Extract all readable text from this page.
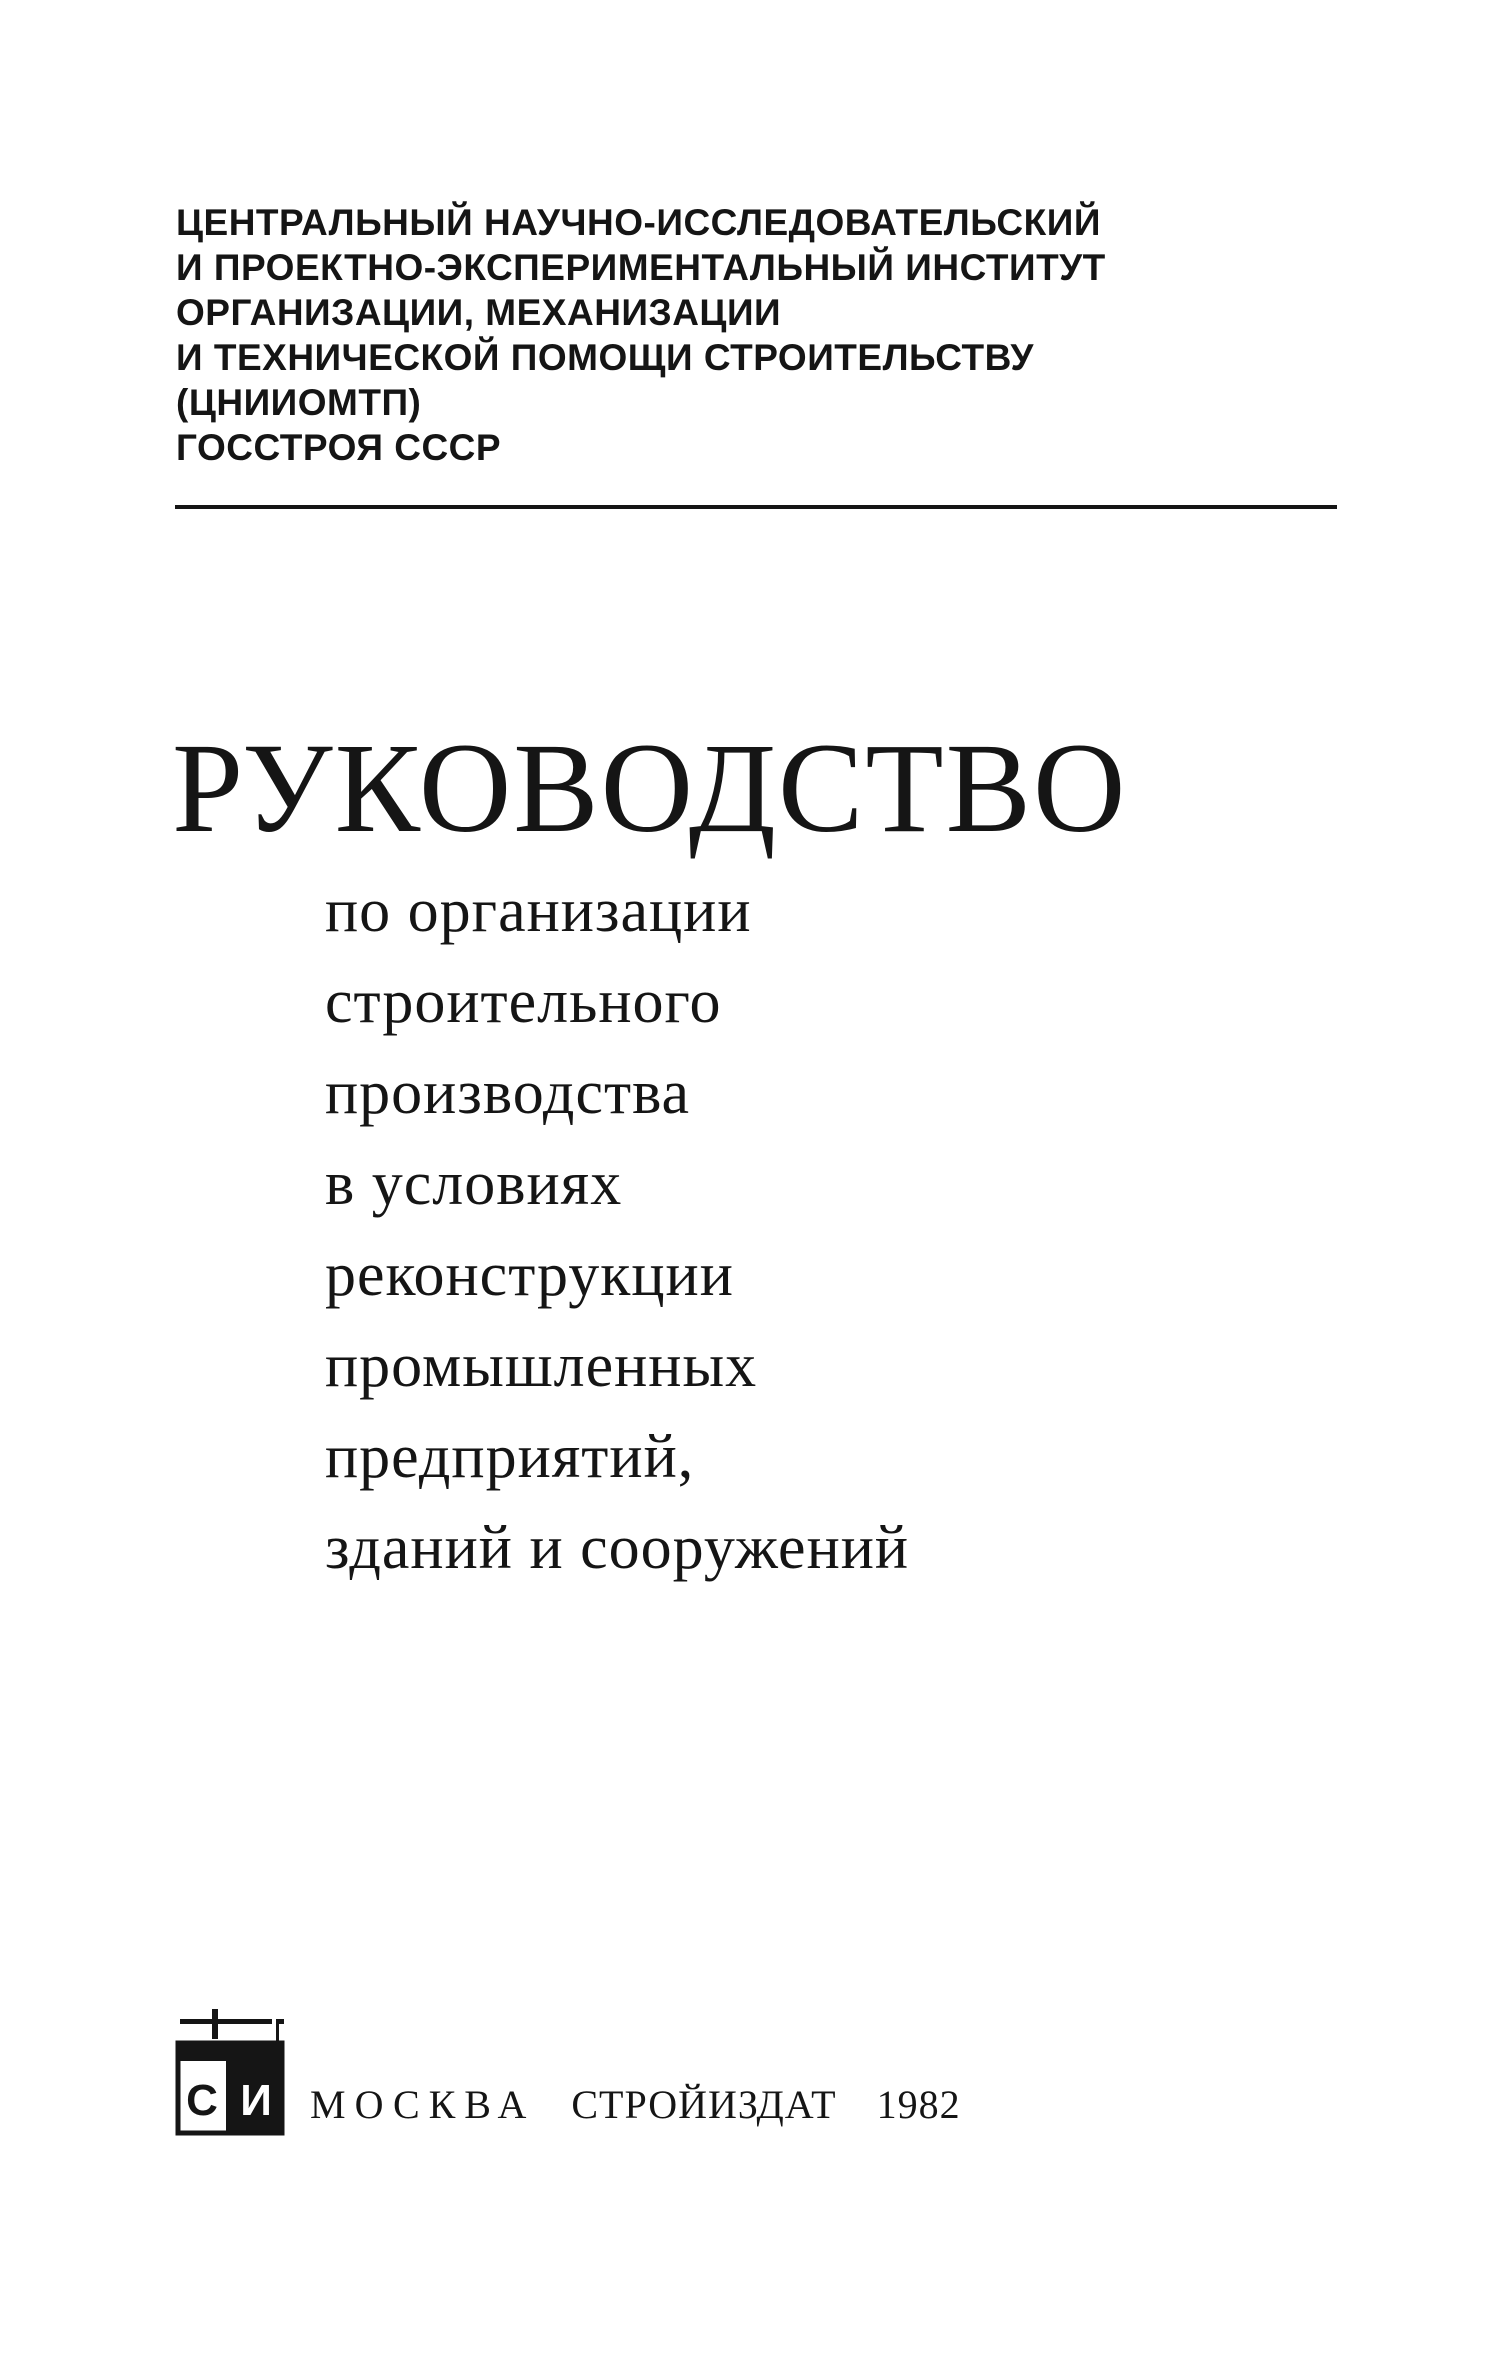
ЦЕНТРАЛЬНЫЙ НАУЧНО-ИССЛЕДОВАТЕЛЬСКИЙ
И ПРОЕКТНО-ЭКСПЕРИМЕНТАЛЬНЫЙ ИНСТИТУТ
ОРГАНИЗАЦИИ, МЕХАНИЗАЦИИ
И ТЕХНИЧЕСКОЙ ПОМОЩИ СТРОИТЕЛЬСТВУ
(ЦНИИОМТП)
ГОССТРОЯ СССР
РУКОВОДСТВО
по организации
строительного
производства
в условиях
реконструкции
промышленных
предприятий,
зданий и сооружений
С И МОСКВА СТРОЙИЗДАТ 1982
